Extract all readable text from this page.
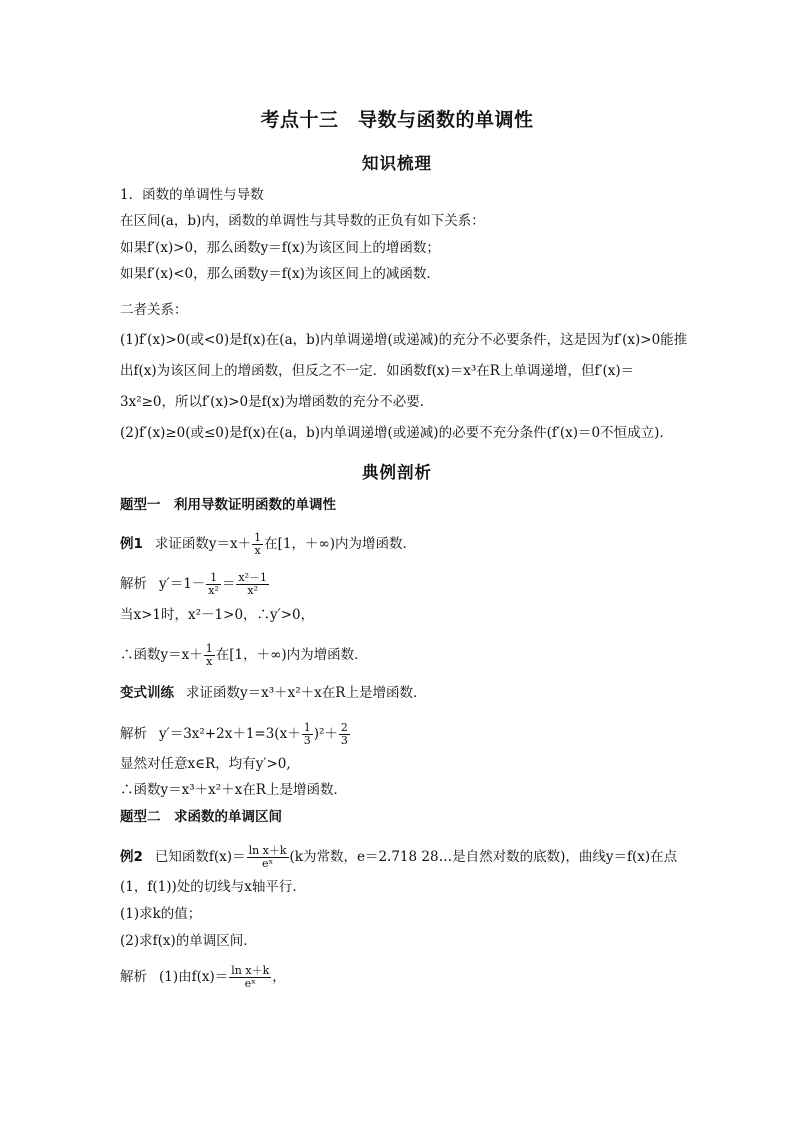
考点十三　导数与函数的单调性
知识梳理
1．函数的单调性与导数
在区间(a，b)内，函数的单调性与其导数的正负有如下关系：
如果f′(x)>0，那么函数y＝f(x)为该区间上的增函数；
如果f′(x)<0，那么函数y＝f(x)为该区间上的减函数．
二者关系：
(1)f′(x)>0(或<0)是f(x)在(a，b)内单调递增(或递减)的充分不必要条件，这是因为f′(x)>0能推
出f(x)为该区间上的增函数，但反之不一定．如函数f(x)＝x³在R上单调递增，但f′(x)＝
3x²≥0，所以f′(x)>0是f(x)为增函数的充分不必要.
(2)f′(x)≥0(或≤0)是f(x)在(a，b)内单调递增(或递减)的必要不充分条件(f′(x)＝0不恒成立)．
典例剖析
题型一　利用导数证明函数的单调性
例1 求证函数$y=x+ \frac{1}{x}$ 在[1，＋∞)内为增函数．
解析 $y'=1- \frac{1}{\text{x²}} = \frac{\text{x²－1}}{\text{x²}}$
当x>1时，x²－1>0，∴y′>0，
∴函数$y=x+ \frac{1}{x}$ 在[1，＋∞)内为增函数．
变式训练 求证函数y＝x³＋x²＋x在R上是增函数．
解析 $y'=3x^2+2x+1=3(x+ \frac{1}{3} )^2+ \frac{2}{3}$
显然对任意x∈R，均有y′>0,
∴函数y＝x³＋x²＋x在R上是增函数．
题型二　求函数的单调区间
例2 已知函数$f(x)= \frac{\text{ln x＋k}}{\text{eˣ}} (k$为常数，e＝2.718 28…是自然对数的底数)，曲线y＝f(x)在点
(1，f(1))处的切线与x轴平行．
(1)求k的值；
(2)求f(x)的单调区间．
解析 (1)由$f(x)= \frac{\text{ln x＋k}}{\text{eˣ}}$ ，
